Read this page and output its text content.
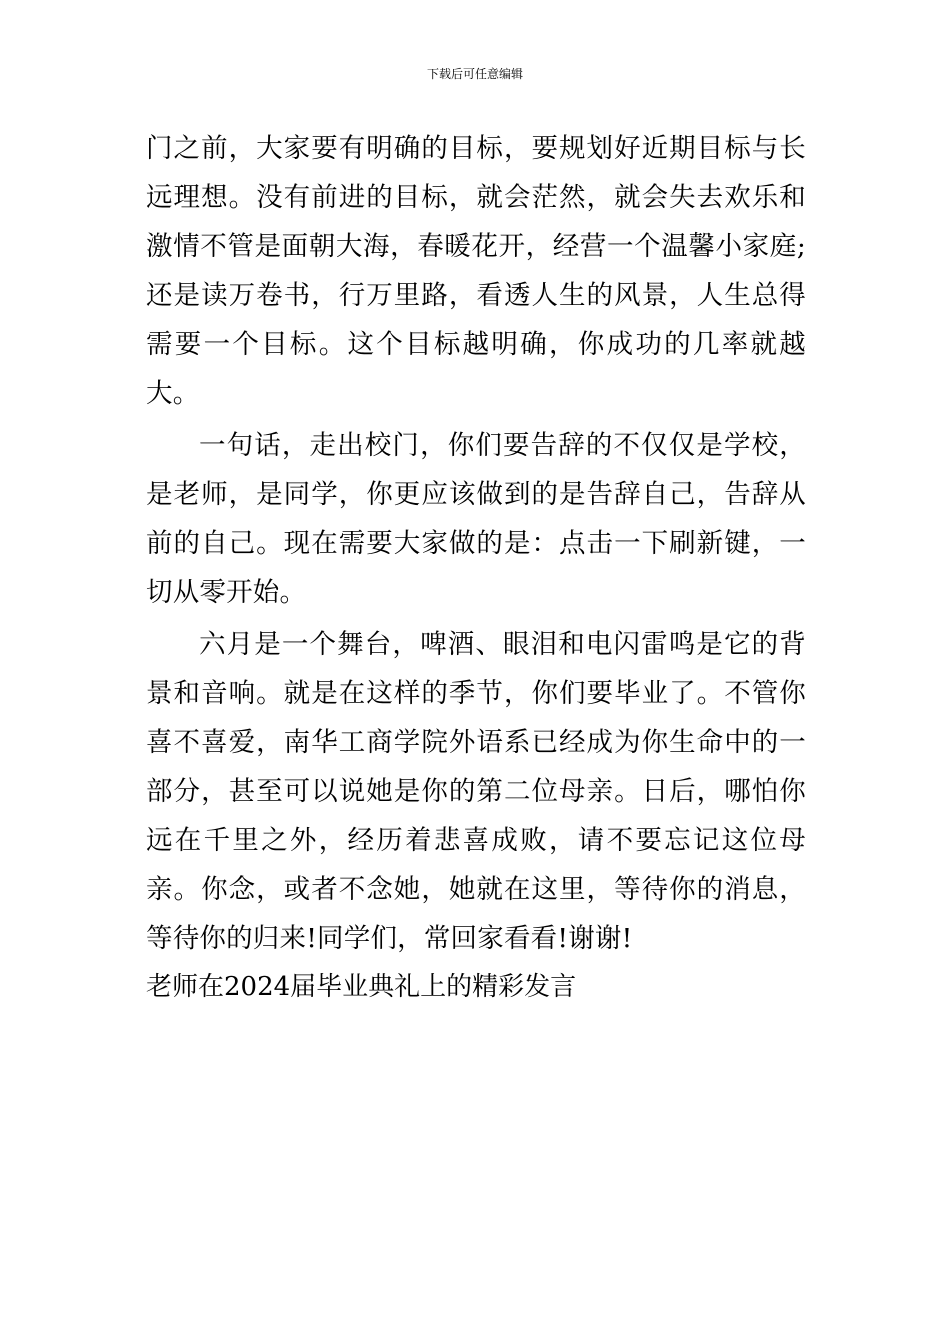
下载后可任意编辑

门之前，大家要有明确的目标，要规划好近期目标与长远理想。没有前进的目标，就会茫然，就会失去欢乐和激情不管是面朝大海，春暖花开，经营一个温馨小家庭;还是读万卷书，行万里路，看透人生的风景，人生总得需要一个目标。这个目标越明确，你成功的几率就越大。

一句话，走出校门，你们要告辞的不仅仅是学校，是老师，是同学，你更应该做到的是告辞自己，告辞从前的自己。现在需要大家做的是：点击一下刷新键，一切从零开始。

六月是一个舞台，啤酒、眼泪和电闪雷鸣是它的背景和音响。就是在这样的季节，你们要毕业了。不管你喜不喜爱，南华工商学院外语系已经成为你生命中的一部分，甚至可以说她是你的第二位母亲。日后，哪怕你远在千里之外，经历着悲喜成败，请不要忘记这位母亲。你念，或者不念她，她就在这里，等待你的消息，等待你的归来!同学们，常回家看看!谢谢!

老师在2024届毕业典礼上的精彩发言
